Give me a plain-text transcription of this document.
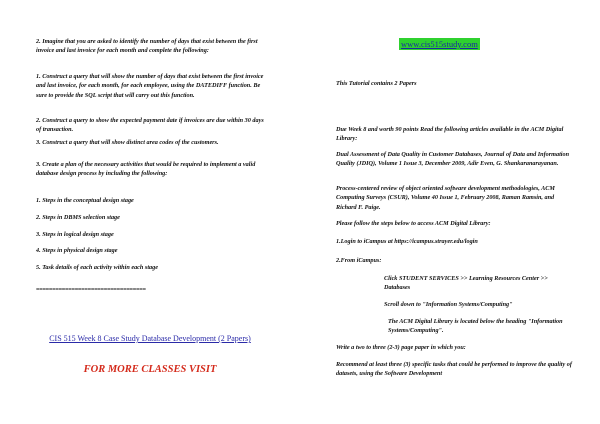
2. Imagine that you are asked to identify the number of days that exist between the first invoice and last invoice for each month and complete the following:

1. Construct a query that will show the number of days that exist between the first invoice and last invoice, for each month, for each employee, using the DATEDIFF function. Be sure to provide the SQL script that will carry out this function.

2. Construct a query to show the expected payment date if invoices are due within 30 days of transaction.

3. Construct a query that will show distinct area codes of the customers.

3. Create a plan of the necessary activities that would be required to implement a valid database design process by including the following:

1. Steps in the conceptual design stage

2. Steps in DBMS selection stage

3. Steps in logical design stage

4. Steps in physical design stage

5. Task details of each activity within each stage

==================================
CIS 515 Week 8 Case Study Database Development (2 Papers)
FOR MORE CLASSES VISIT
www.cis515study.com

This Tutorial contains 2 Papers

Due Week 8 and worth 90 points Read the following articles available in the ACM Digital Library:

Dual Assessment of Data Quality in Customer Databases, Journal of Data and Information Quality (JDIQ), Volume 1 Issue 3, December 2009, Adir Even, G. Shankaranarayanan.

Process-centered review of object oriented software development methodologies, ACM Computing Surveys (CSUR), Volume 40 Issue 1, February 2008, Raman Ramsin, and Richard F. Paige.

Please follow the steps below to access ACM Digital Library:

1.Login to iCampus at https://icampus.strayer.edu/login

2.From iCampus:

Click STUDENT SERVICES >> Learning Resources Center >> Databases

Scroll down to "Information Systems/Computing"

The ACM Digital Library is located below the heading "Information Systems/Computing".

Write a two to three (2-3) page paper in which you:

Recommend at least three (3) specific tasks that could be performed to improve the quality of datasets, using the Software Development
